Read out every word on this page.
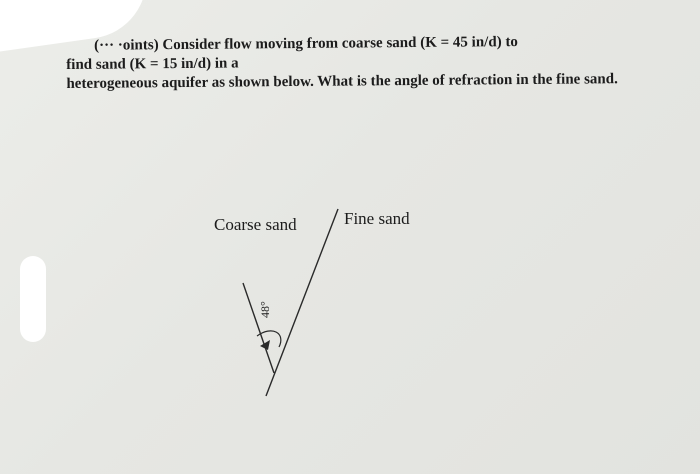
(··· ·oints) Consider flow moving from coarse sand (K = 45 in/d) to
find sand (K = 15 in/d) in a
heterogeneous aquifer as shown below. What is the angle of refraction in the fine sand.
Coarse sand	Fine sand
48°
